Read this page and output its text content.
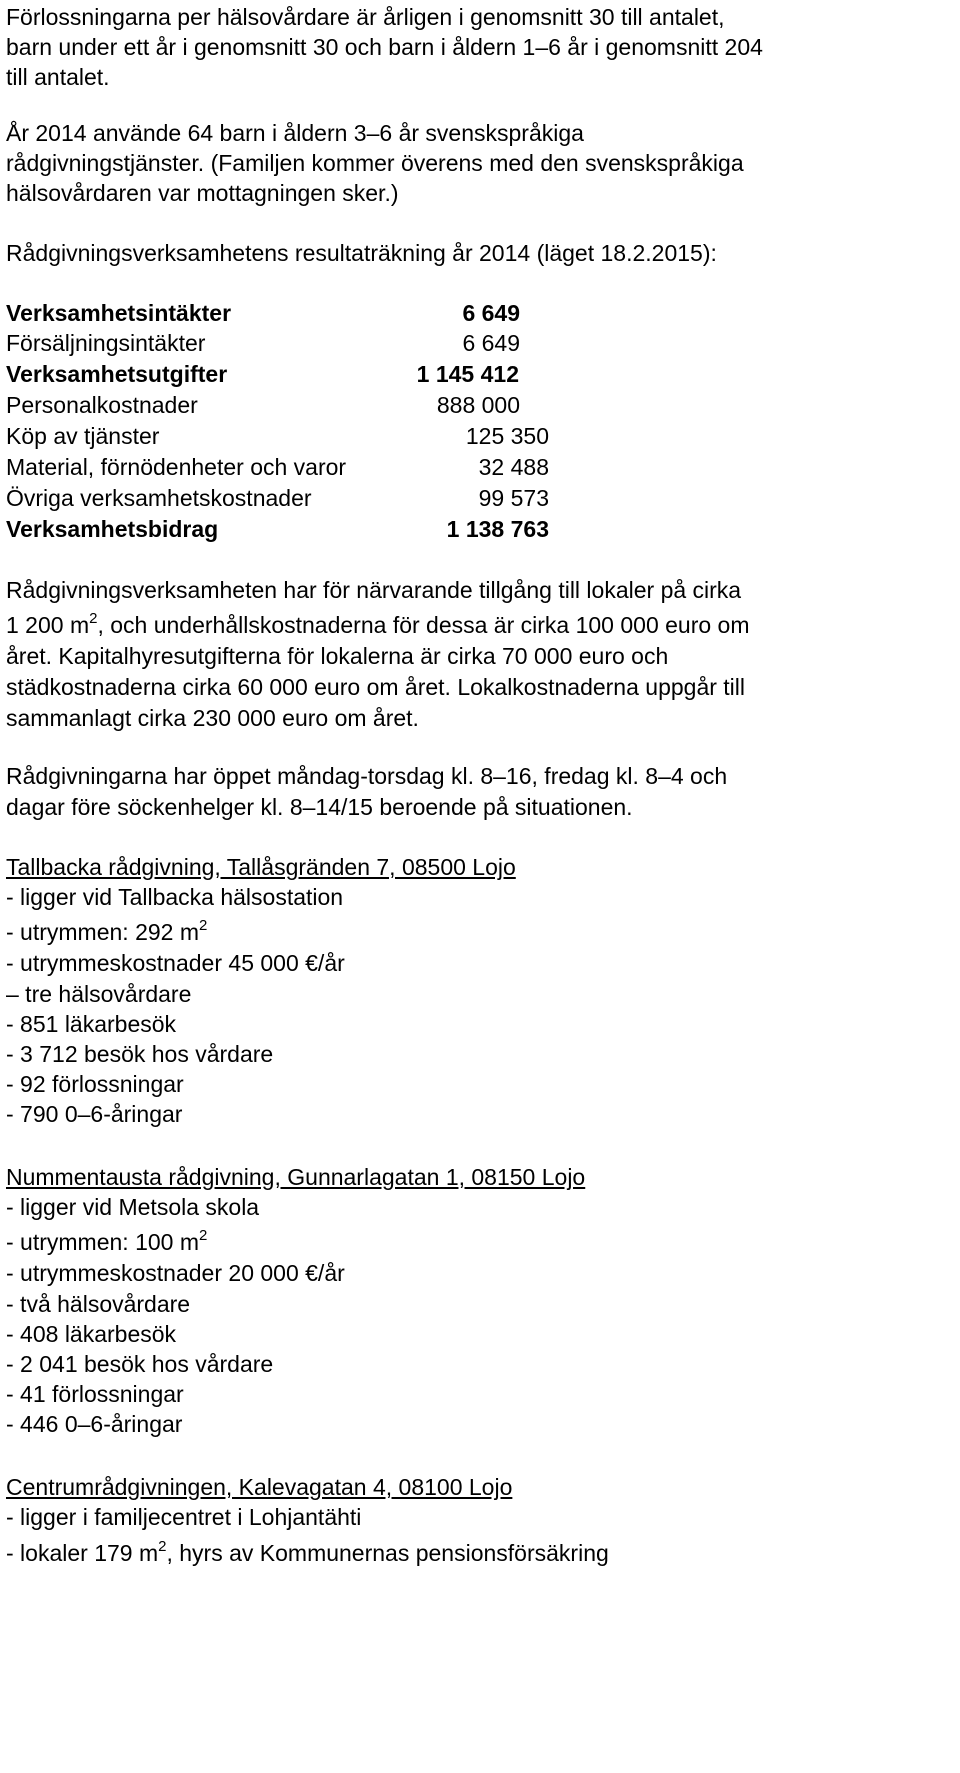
Förlossningarna per hälsovårdare är årligen i genomsnitt 30 till antalet,
barn under ett år i genomsnitt 30 och barn i åldern 1–6 år i genomsnitt 204
till antalet.
År 2014 använde 64 barn i åldern 3–6 år svenskspråkiga
rådgivningstjänster. (Familjen kommer överens med den svenskspråkiga
hälsovårdaren var mottagningen sker.)
Rådgivningsverksamhetens resultaträkning år 2014 (läget 18.2.2015):
Verksamhetsintäkter	6 649
Försäljningsintäkter	6 649
Verksamhetsutgifter	1 145 412
Personalkostnader	888 000
Köp av tjänster	125 350
Material, förnödenheter och varor	32 488
Övriga verksamhetskostnader	99 573
Verksamhetsbidrag	1 138 763
Rådgivningsverksamheten har för närvarande tillgång till lokaler på cirka
1 200 $m^2$, och underhållskostnaderna för dessa är cirka 100 000 euro om
året. Kapitalhyresutgifterna för lokalerna är cirka 70 000 euro och
städkostnaderna cirka 60 000 euro om året. Lokalkostnaderna uppgår till
sammanlagt cirka 230 000 euro om året.
Rådgivningarna har öppet måndag-torsdag kl. 8–16, fredag kl. 8–4 och
dagar före söckenhelger kl. 8–14/15 beroende på situationen.
Tallbacka rådgivning, Tallåsgränden 7, 08500 Lojo
- ligger vid Tallbacka hälsostation
- utrymmen: 292 $m^2$
- utrymmeskostnader 45 000 €/år
– tre hälsovårdare
- 851 läkarbesök
- 3 712 besök hos vårdare
- 92 förlossningar
- 790 0–6-åringar
Nummentausta rådgivning, Gunnarlagatan 1, 08150 Lojo
- ligger vid Metsola skola
- utrymmen: 100 $m^2$
- utrymmeskostnader 20 000 €/år
- två hälsovårdare
- 408 läkarbesök
- 2 041 besök hos vårdare
- 41 förlossningar
- 446 0–6-åringar
Centrumrådgivningen, Kalevagatan 4, 08100 Lojo
- ligger i familjecentret i Lohjantähti
- lokaler 179 $m^2$, hyrs av Kommunernas pensionsförsäkring
